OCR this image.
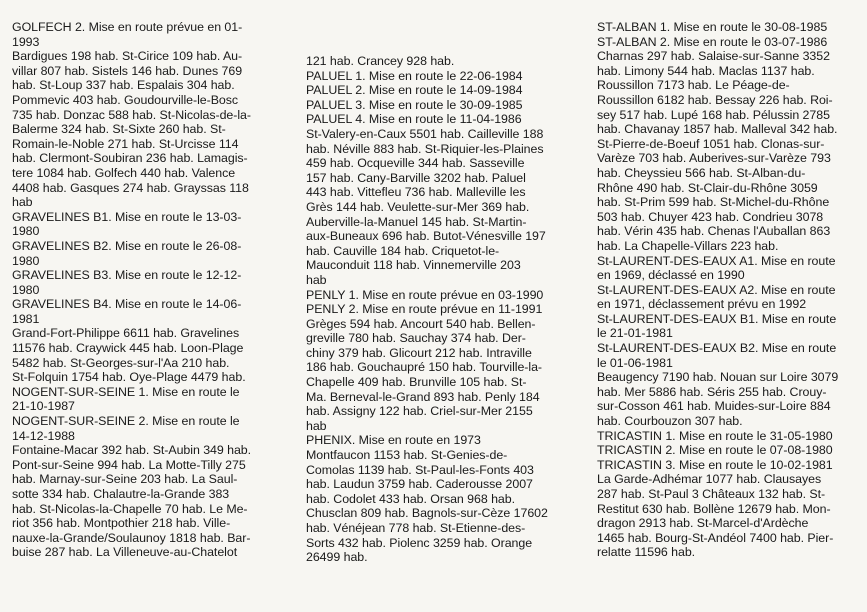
GOLFECH 2. Mise en route prévue en 01-
1993
Bardigues 198 hab. St-Cirice 109 hab. Au-
villar 807 hab. Sistels 146 hab. Dunes 769
hab. St-Loup 337 hab. Espalais 304 hab.
Pommevic 403 hab. Goudourville-le-Bosc
735 hab. Donzac 588 hab. St-Nicolas-de-la-
Balerme 324 hab. St-Sixte 260 hab. St-
Romain-le-Noble 271 hab. St-Urcisse 114
hab. Clermont-Soubiran 236 hab. Lamagis-
tere 1084 hab. Golfech 440 hab. Valence
4408 hab. Gasques 274 hab. Grayssas 118
hab
GRAVELINES B1. Mise en route le 13-03-
1980
GRAVELINES B2. Mise en route le 26-08-
1980
GRAVELINES B3. Mise en route le 12-12-
1980
GRAVELINES B4. Mise en route le 14-06-
1981
Grand-Fort-Philippe 6611 hab. Gravelines
11576 hab. Craywick 445 hab. Loon-Plage
5482 hab. St-Georges-sur-l'Aa 210 hab.
St-Folquin 1754 hab. Oye-Plage 4479 hab.
NOGENT-SUR-SEINE 1. Mise en route le
21-10-1987
NOGENT-SUR-SEINE 2. Mise en route le
14-12-1988
Fontaine-Macar 392 hab. St-Aubin 349 hab.
Pont-sur-Seine 994 hab. La Motte-Tilly 275
hab. Marnay-sur-Seine 203 hab. La Saul-
sotte 334 hab. Chalautre-la-Grande 383
hab. St-Nicolas-la-Chapelle 70 hab. Le Me-
riot 356 hab. Montpothier 218 hab. Ville-
nauxe-la-Grande/Soulaunoy 1818 hab. Bar-
buise 287 hab. La Villeneuve-au-Chatelot
121 hab. Crancey 928 hab.
PALUEL 1. Mise en route le 22-06-1984
PALUEL 2. Mise en route le 14-09-1984
PALUEL 3. Mise en route le 30-09-1985
PALUEL 4. Mise en route le 11-04-1986
St-Valery-en-Caux 5501 hab. Cailleville 188
hab. Néville 883 hab. St-Riquier-les-Plaines
459 hab. Ocqueville 344 hab. Sasseville
157 hab. Cany-Barville 3202 hab. Paluel
443 hab. Vittefleu 736 hab. Malleville les
Grès 144 hab. Veulette-sur-Mer 369 hab.
Auberville-la-Manuel 145 hab. St-Martin-
aux-Buneaux 696 hab. Butot-Vénesville 197
hab. Cauville 184 hab. Criquetot-le-
Mauconduit 118 hab. Vinnemerville 203
hab
PENLY 1. Mise en route prévue en 03-1990
PENLY 2. Mise en route prévue en 11-1991
Grèges 594 hab. Ancourt 540 hab. Bellen-
greville 780 hab. Sauchay 374 hab. Der-
chiny 379 hab. Glicourt 212 hab. Intraville
186 hab. Gouchaupré 150 hab. Tourville-la-
Chapelle 409 hab. Brunville 105 hab. St-
Ma. Berneval-le-Grand 893 hab. Penly 184
hab. Assigny 122 hab. Criel-sur-Mer 2155
hab
PHENIX. Mise en route en 1973
Montfaucon 1153 hab. St-Genies-de-
Comolas 1139 hab. St-Paul-les-Fonts 403
hab. Laudun 3759 hab. Caderousse 2007
hab. Codolet 433 hab. Orsan 968 hab.
Chusclan 809 hab. Bagnols-sur-Cèze 17602
hab. Vénéjean 778 hab. St-Etienne-des-
Sorts 432 hab. Piolenc 3259 hab. Orange
26499 hab.
ST-ALBAN 1. Mise en route le 30-08-1985
ST-ALBAN 2. Mise en route le 03-07-1986
Charnas 297 hab. Salaise-sur-Sanne 3352
hab. Limony 544 hab. Maclas 1137 hab.
Roussillon 7173 hab. Le Péage-de-
Roussillon 6182 hab. Bessay 226 hab. Roi-
sey 517 hab. Lupé 168 hab. Pélussin 2785
hab. Chavanay 1857 hab. Malleval 342 hab.
St-Pierre-de-Boeuf 1051 hab. Clonas-sur-
Varèze 703 hab. Auberives-sur-Varèze 793
hab. Cheyssieu 566 hab. St-Alban-du-
Rhône 490 hab. St-Clair-du-Rhône 3059
hab. St-Prim 599 hab. St-Michel-du-Rhône
503 hab. Chuyer 423 hab. Condrieu 3078
hab. Vérin 435 hab. Chenas l'Auballan 863
hab. La Chapelle-Villars 223 hab.
St-LAURENT-DES-EAUX A1. Mise en route
en 1969, déclassé en 1990
St-LAURENT-DES-EAUX A2. Mise en route
en 1971, déclassement prévu en 1992
St-LAURENT-DES-EAUX B1. Mise en route
le 21-01-1981
St-LAURENT-DES-EAUX B2. Mise en route
le 01-06-1981
Beaugency 7190 hab. Nouan sur Loire 3079
hab. Mer 5886 hab. Séris 255 hab. Crouy-
sur-Cosson 461 hab. Muides-sur-Loire 884
hab. Courbouzon 307 hab.
TRICASTIN 1. Mise en route le 31-05-1980
TRICASTIN 2. Mise en route le 07-08-1980
TRICASTIN 3. Mise en route le 10-02-1981
La Garde-Adhémar 1077 hab. Clausayes
287 hab. St-Paul 3 Châteaux 132 hab. St-
Restitut 630 hab. Bollène 12679 hab. Mon-
dragon 2913 hab. St-Marcel-d'Ardèche
1465 hab. Bourg-St-Andéol 7400 hab. Pier-
relatte 11596 hab.
